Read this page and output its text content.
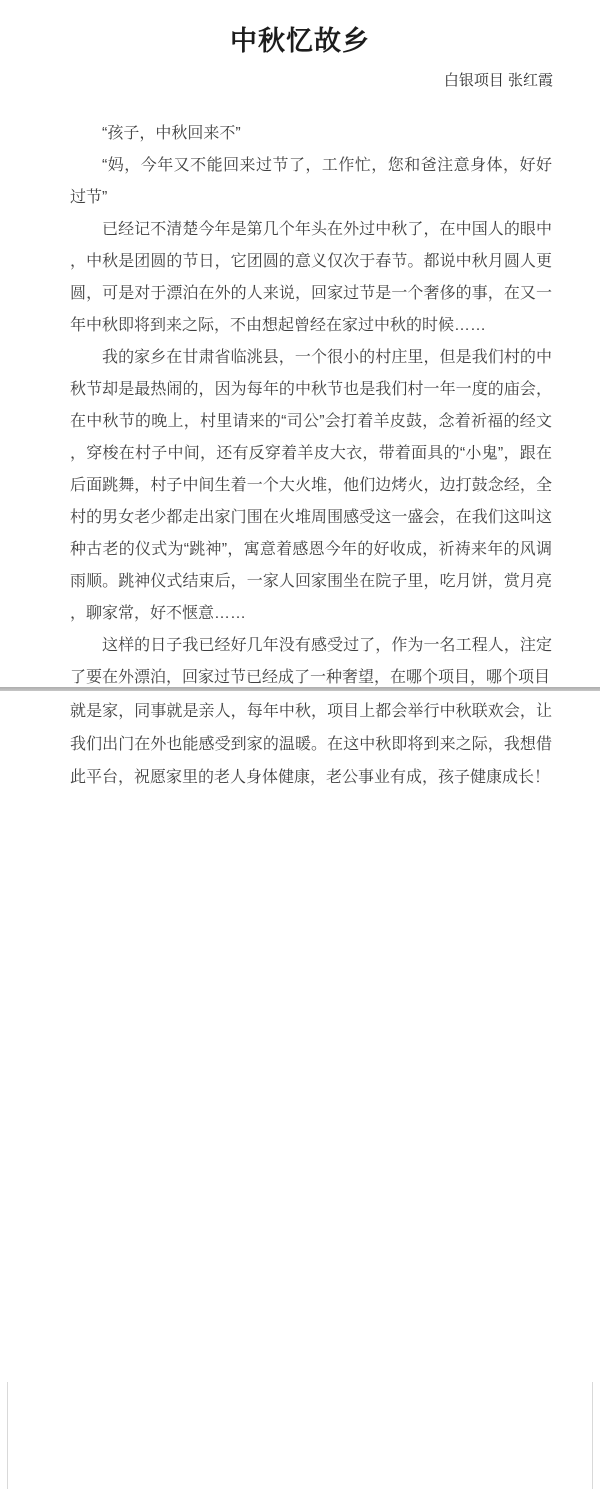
中秋忆故乡
白银项目 张红霞

“孩子，中秋回来不”

“妈，今年又不能回来过节了，工作忙，您和爸注意身体，好好过节”

已经记不清楚今年是第几个年头在外过中秋了，在中国人的眼中，中秋是团圆的节日，它团圆的意义仅次于春节。都说中秋月圆人更圆，可是对于漂泊在外的人来说，回家过节是一个奢侈的事，在又一年中秋即将到来之际，不由想起曾经在家过中秋的时候……

我的家乡在甘肃省临洮县，一个很小的村庄里，但是我们村的中秋节却是最热闹的，因为每年的中秋节也是我们村一年一度的庙会，在中秋节的晚上，村里请来的“司公”会打着羊皮鼓，念着祈福的经文，穿梭在村子中间，还有反穿着羊皮大衣，带着面具的“小鬼”，跟在后面跳舞，村子中间生着一个大火堆，他们边烤火，边打鼓念经，全村的男女老少都走出家门围在火堆周围感受这一盛会，在我们这叫这种古老的仪式为“跳神”，寓意着感恩今年的好收成，祈祷来年的风调雨顺。跳神仪式结束后，一家人回家围坐在院子里，吃月饼，赏月亮，聊家常，好不惬意……

这样的日子我已经好几年没有感受过了，作为一名工程人，注定了要在外漂泊，回家过节已经成了一种奢望，在哪个项目，哪个项目

就是家，同事就是亲人，每年中秋，项目上都会举行中秋联欢会，让我们出门在外也能感受到家的温暖。在这中秋即将到来之际，我想借此平台，祝愿家里的老人身体健康，老公事业有成，孩子健康成长！
